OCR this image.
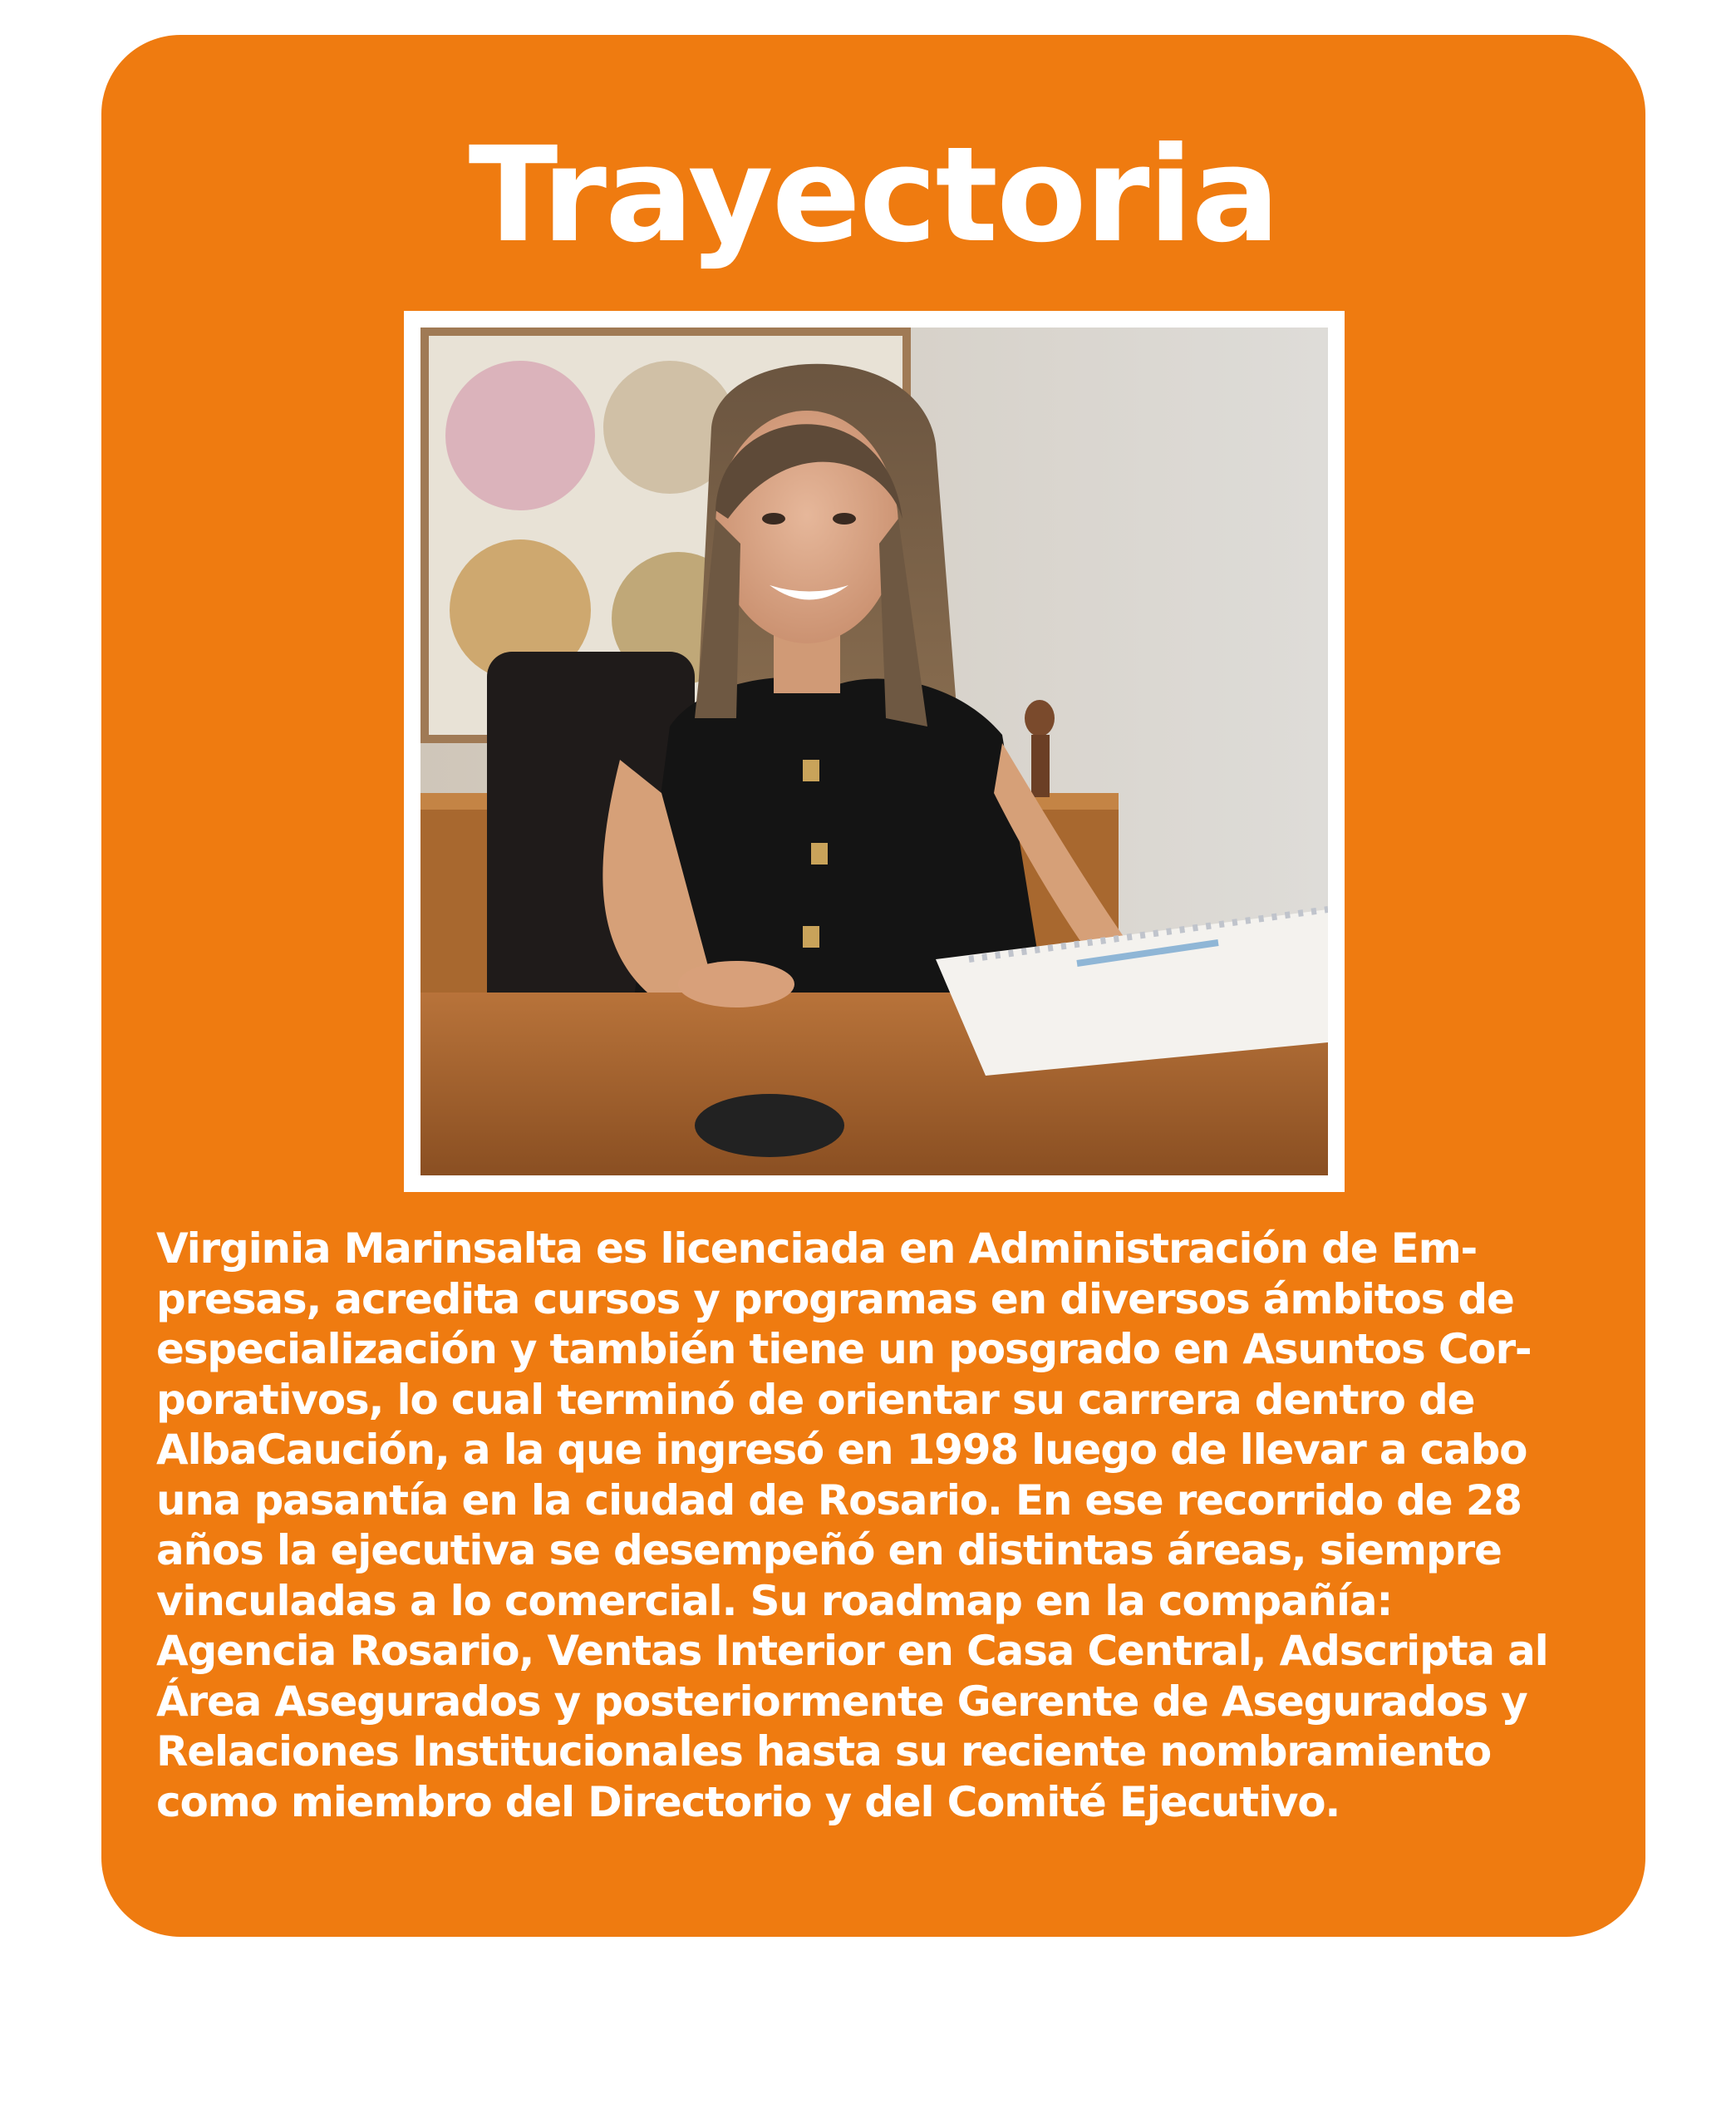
Trayectoria
Virginia Marinsalta es licenciada en Administración de Em-
presas, acredita cursos y programas en diversos ámbitos de
especialización y también tiene un posgrado en Asuntos Cor-
porativos, lo cual terminó de orientar su carrera dentro de
AlbaCaución, a la que ingresó en 1998 luego de llevar a cabo
una pasantía en la ciudad de Rosario. En ese recorrido de 28
años la ejecutiva se desempeñó en distintas áreas, siempre
vinculadas a lo comercial. Su roadmap en la compañía:
Agencia Rosario, Ventas Interior en Casa Central, Adscripta al
Área Asegurados y posteriormente Gerente de Asegurados y
Relaciones Institucionales hasta su reciente nombramiento
como miembro del Directorio y del Comité Ejecutivo.
